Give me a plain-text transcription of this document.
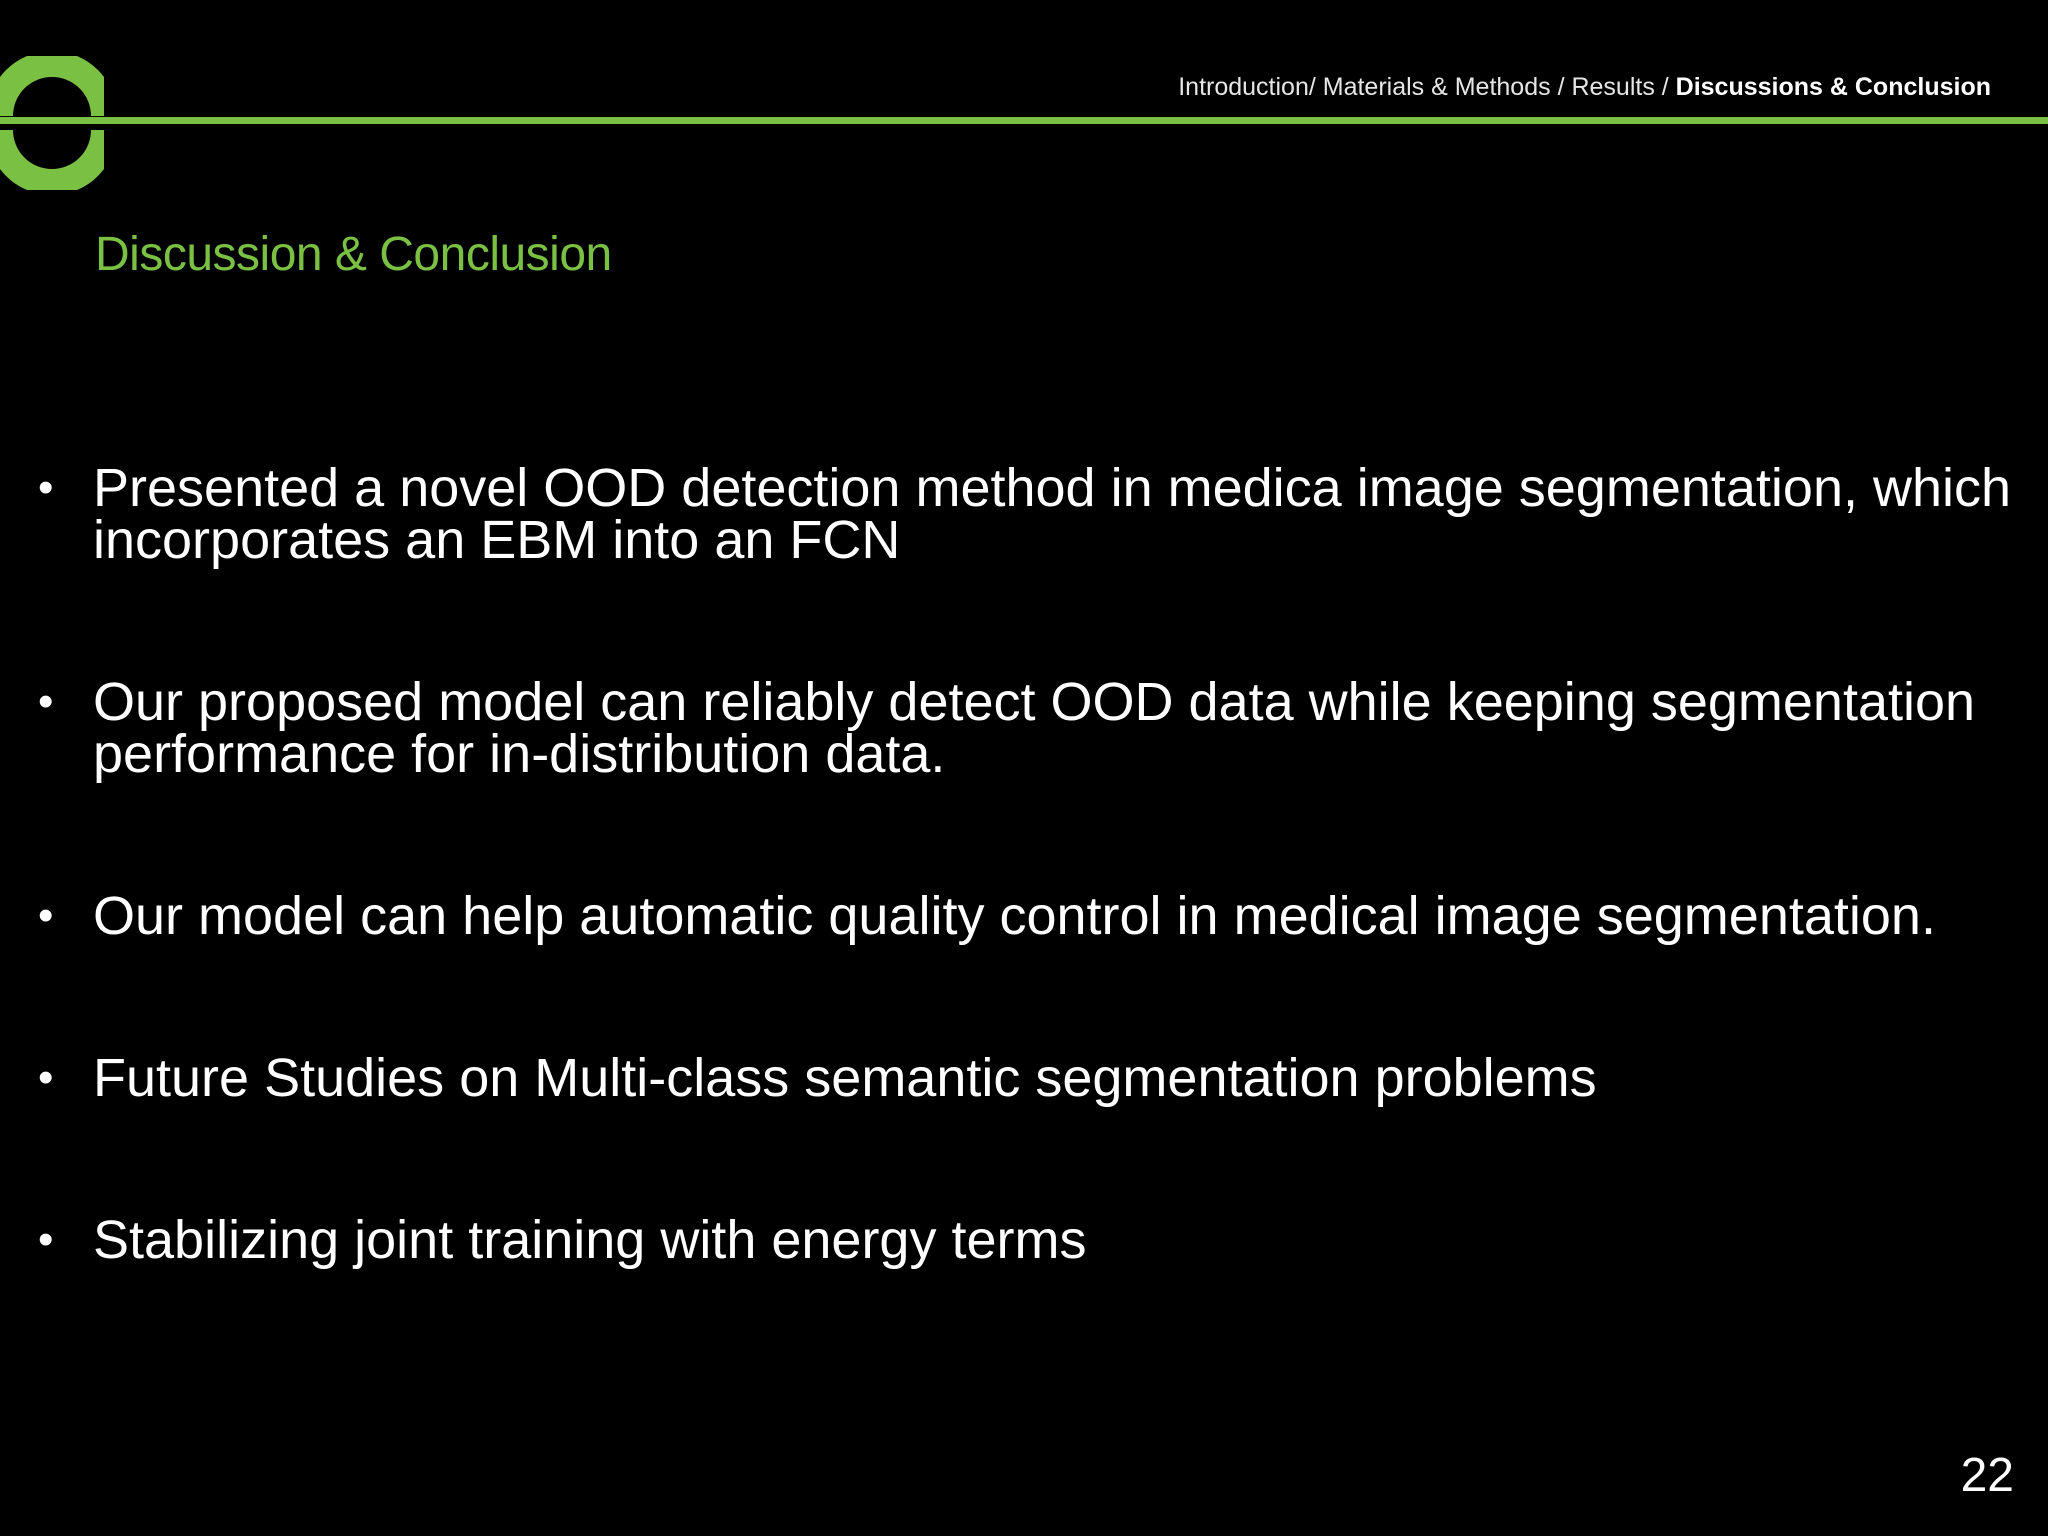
Introduction/ Materials & Methods / Results / Discussions & Conclusion
Discussion & Conclusion
• Presented a novel OOD detection method in medica image segmentation, which incorporates an EBM into an FCN
• Our proposed model can reliably detect OOD data while keeping segmentation performance for in-distribution data.
• Our model can help automatic quality control in medical image segmentation.
• Future Studies on Multi-class semantic segmentation problems
• Stabilizing joint training with energy terms
22
